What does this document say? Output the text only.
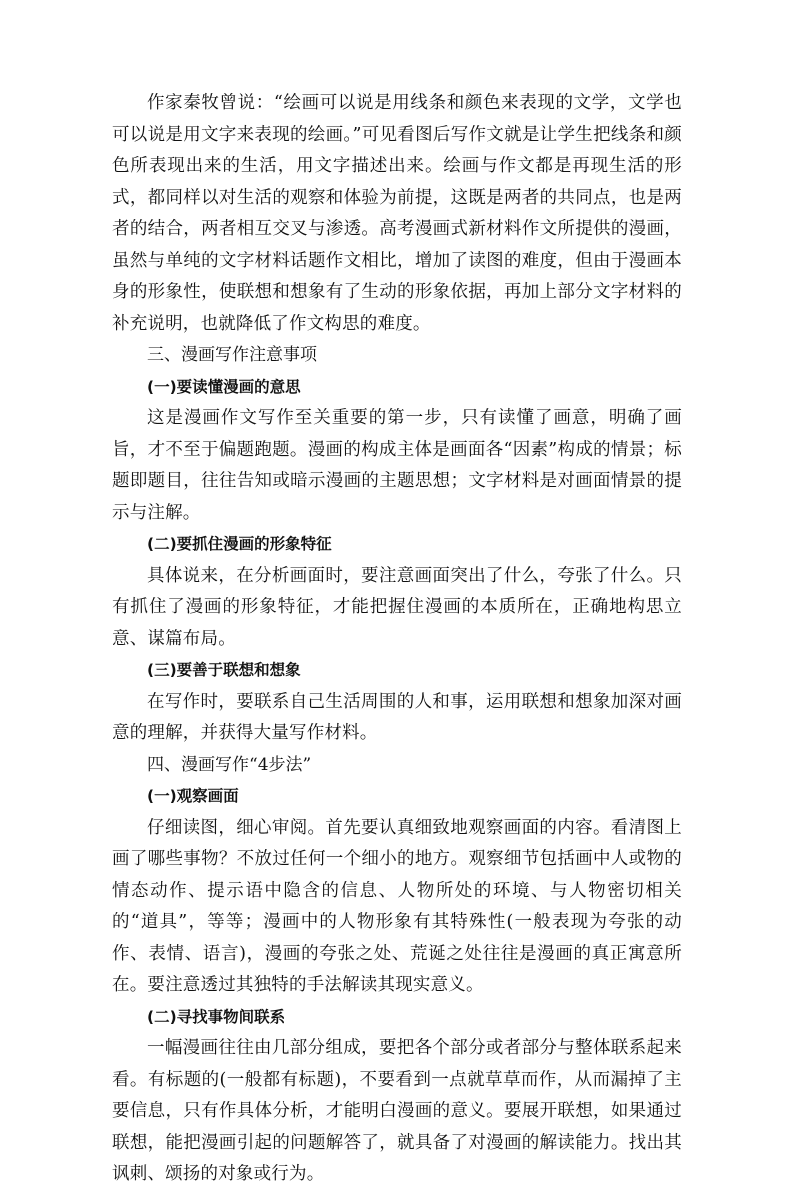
作家秦牧曾说：“绘画可以说是用线条和颜色来表现的文学，文学也可以说是用文字来表现的绘画。”可见看图后写作文就是让学生把线条和颜色所表现出来的生活，用文字描述出来。绘画与作文都是再现生活的形式，都同样以对生活的观察和体验为前提，这既是两者的共同点，也是两者的结合，两者相互交叉与渗透。高考漫画式新材料作文所提供的漫画，虽然与单纯的文字材料话题作文相比，增加了读图的难度，但由于漫画本身的形象性，使联想和想象有了生动的形象依据，再加上部分文字材料的补充说明，也就降低了作文构思的难度。

三、漫画写作注意事项

(一)要读懂漫画的意思

这是漫画作文写作至关重要的第一步，只有读懂了画意，明确了画旨，才不至于偏题跑题。漫画的构成主体是画面各“因素”构成的情景；标题即题目，往往告知或暗示漫画的主题思想；文字材料是对画面情景的提示与注解。

(二)要抓住漫画的形象特征

具体说来，在分析画面时，要注意画面突出了什么，夸张了什么。只有抓住了漫画的形象特征，才能把握住漫画的本质所在，正确地构思立意、谋篇布局。

(三)要善于联想和想象

在写作时，要联系自己生活周围的人和事，运用联想和想象加深对画意的理解，并获得大量写作材料。

四、漫画写作“4步法”

(一)观察画面

仔细读图，细心审阅。首先要认真细致地观察画面的内容。看清图上画了哪些事物？不放过任何一个细小的地方。观察细节包括画中人或物的情态动作、提示语中隐含的信息、人物所处的环境、与人物密切相关的“道具”，等等；漫画中的人物形象有其特殊性(一般表现为夸张的动作、表情、语言)，漫画的夸张之处、荒诞之处往往是漫画的真正寓意所在。要注意透过其独特的手法解读其现实意义。

(二)寻找事物间联系

一幅漫画往往由几部分组成，要把各个部分或者部分与整体联系起来看。有标题的(一般都有标题)，不要看到一点就草草而作，从而漏掉了主要信息，只有作具体分析，才能明白漫画的意义。要展开联想，如果通过联想，能把漫画引起的问题解答了，就具备了对漫画的解读能力。找出其讽刺、颂扬的对象或行为。
